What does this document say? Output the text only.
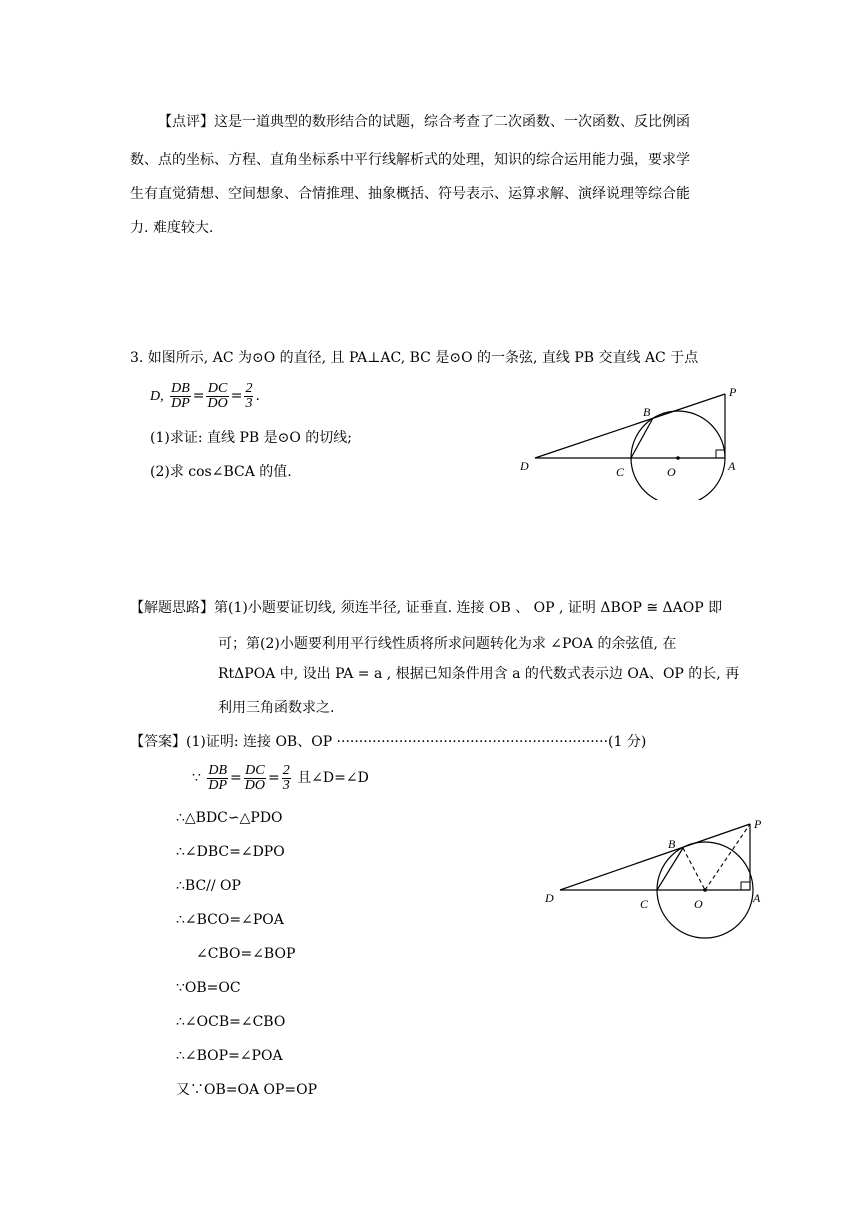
【点评】这是一道典型的数形结合的试题，综合考查了二次函数、一次函数、反比例函
数、点的坐标、方程、直角坐标系中平行线解析式的处理，知识的综合运用能力强，要求学
生有直觉猜想、空间想象、合情推理、抽象概括、符号表示、运算求解、演绎说理等综合能
力. 难度较大.
3. 如图所示, AC 为⊙O 的直径, 且 PA⊥AC, BC 是⊙O 的一条弦, 直线 PB 交直线 AC 于点
D, $\frac{DB}{DP} = \frac{DC}{DO} = \frac{2}{3}$ .
(1)求证: 直线 PB 是⊙O 的切线;
(2)求 cos∠BCA 的值.	D	C	O	A
B
P
【解题思路】第(1)小题要证切线, 须连半径, 证垂直. 连接 OB 、 OP , 证明 ΔBOP ≅ ΔAOP 即
可；第(2)小题要利用平行线性质将所求问题转化为求 ∠POA 的余弦值, 在
RtΔPOA 中, 设出 PA = a , 根据已知条件用含 a 的代数式表示边 OA、OP 的长, 再
利用三角函数求之.
【答案】(1)证明: 连接 OB、OP ·····························································(1 分)
∵ $\frac{DB}{DP} = \frac{DC}{DO} = \frac{2}{3}$ 且∠D=∠D
∴△BDC∽△PDO
∴∠DBC=∠DPO
∴BC// OP
∴∠BCO=∠POA
∠CBO=∠BOP
∵OB=OC
∴∠OCB=∠CBO
∴∠BOP=∠POA
又∵OB=OA OP=OP
D	C	O	A
B
P
